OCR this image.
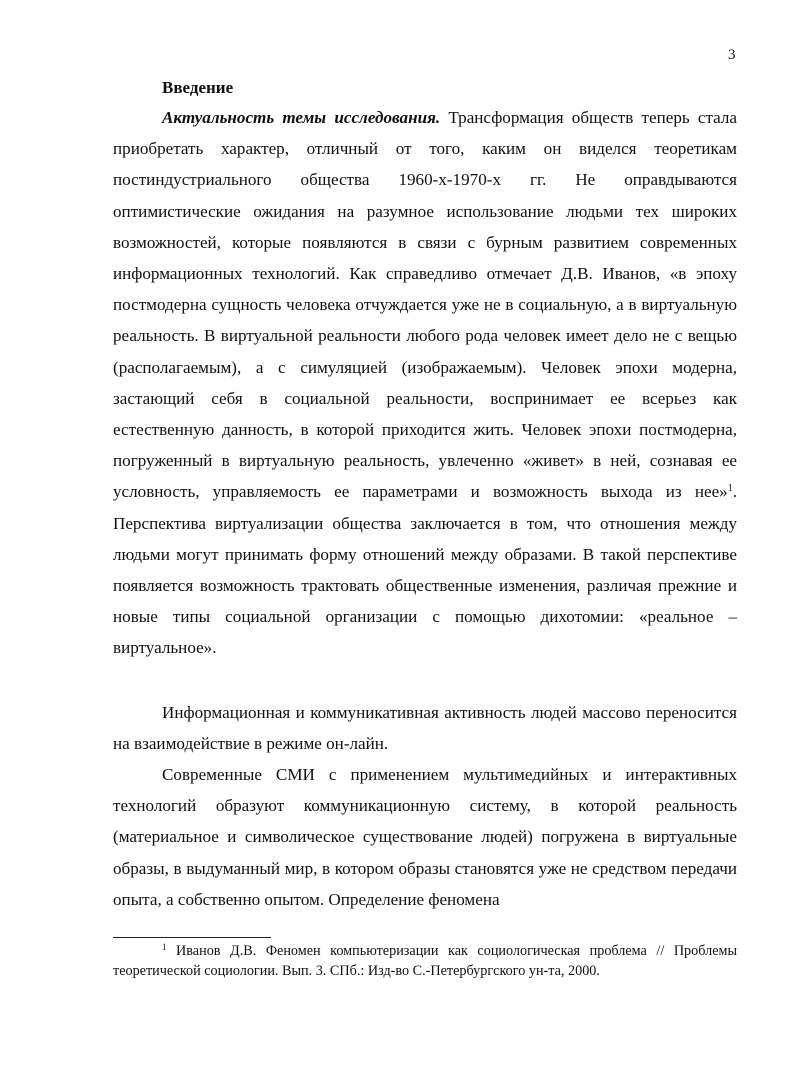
3
Введение

Актуальность темы исследования. Трансформация обществ теперь стала приобретать характер, отличный от того, каким он виделся теоретикам постиндустриального общества 1960-х-1970-х гг. Не оправдываются оптимистические ожидания на разумное использование людьми тех широких возможностей, которые появляются в связи с бурным развитием современных информационных технологий. Как справедливо отмечает Д.В. Иванов, «в эпоху постмодерна сущность человека отчуждается уже не в социальную, а в виртуальную реальность. В виртуальной реальности любого рода человек имеет дело не с вещью (располагаемым), а с симуляцией (изображаемым). Человек эпохи модерна, застающий себя в социальной реальности, воспринимает ее всерьез как естественную данность, в которой приходится жить. Человек эпохи постмодерна, погруженный в виртуальную реальность, увлеченно «живет» в ней, сознавая ее условность, управляемость ее параметрами и возможность выхода из нее»$^1$. Перспектива виртуализации общества заключается в том, что отношения между людьми могут принимать форму отношений между образами. В такой перспективе появляется возможность трактовать общественные изменения, различая прежние и новые типы социальной организации с помощью дихотомии: «реальное – виртуальное».

Информационная и коммуникативная активность людей массово переносится на взаимодействие в режиме он-лайн.

Современные СМИ с применением мультимедийных и интерактивных технологий образуют коммуникационную систему, в которой реальность (материальное и символическое существование людей) погружена в виртуальные образы, в выдуманный мир, в котором образы становятся уже не средством передачи опыта, а собственно опытом. Определение феномена

$^1$ Иванов Д.В. Феномен компьютеризации как социологическая проблема // Проблемы теоретической социологии. Вып. 3. СПб.: Изд-во С.-Петербургского ун-та, 2000.
